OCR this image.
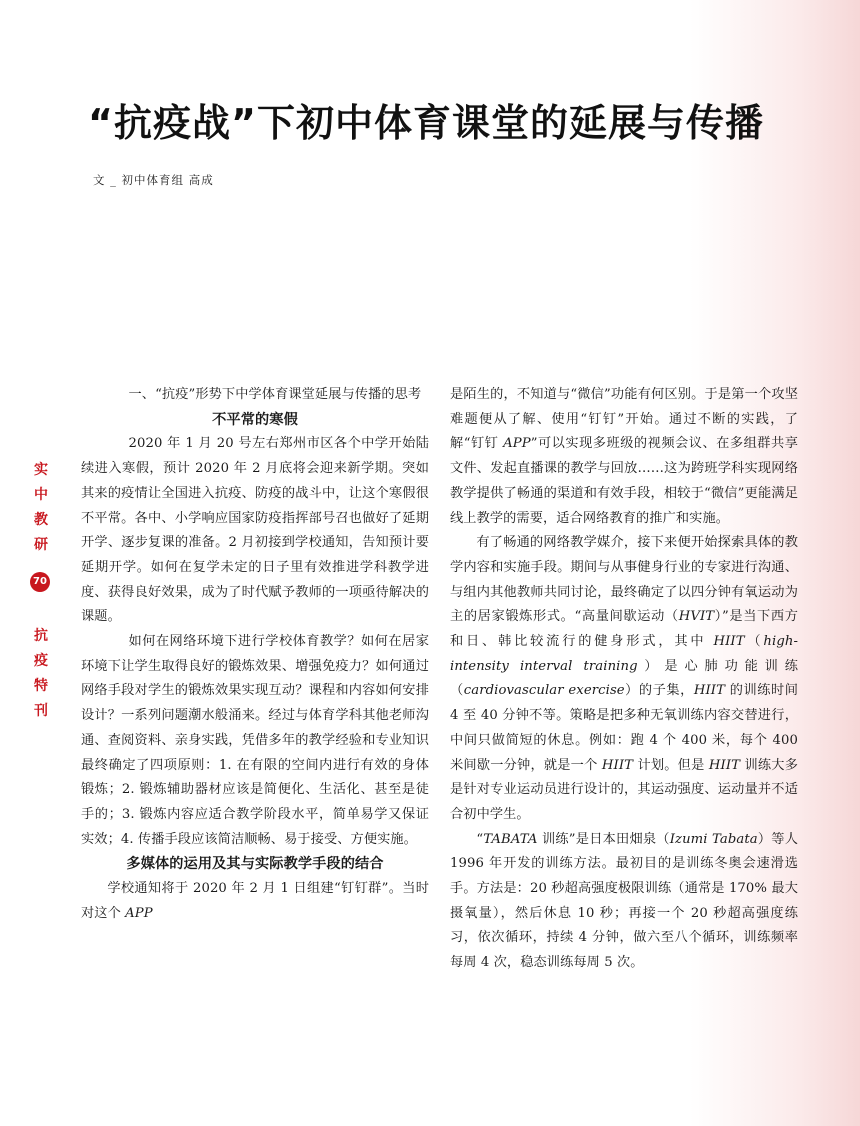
“抗疫战”下初中体育课堂的延展与传播
文 _ 初中体育组 高成
实
中
教
研
70
抗
疫
特
刊

一、“抗疫”形势下中学体育课堂延展与传播的思考

不平常的寒假

2020 年 1 月 20 号左右郑州市区各个中学开始陆续进入寒假，预计 2020 年 2 月底将会迎来新学期。突如其来的疫情让全国进入抗疫、防疫的战斗中，让这个寒假很不平常。各中、小学响应国家防疫指挥部号召也做好了延期开学、逐步复课的准备。2 月初接到学校通知，告知预计要延期开学。如何在复学未定的日子里有效推进学科教学进度、获得良好效果，成为了时代赋予教师的一项亟待解决的课题。

如何在网络环境下进行学校体育教学？如何在居家环境下让学生取得良好的锻炼效果、增强免疫力？如何通过网络手段对学生的锻炼效果实现互动？课程和内容如何安排设计？一系列问题潮水般涌来。经过与体育学科其他老师沟通、查阅资料、亲身实践，凭借多年的教学经验和专业知识最终确定了四项原则：1. 在有限的空间内进行有效的身体锻炼；2. 锻炼辅助器材应该是简便化、生活化、甚至是徒手的；3. 锻炼内容应适合教学阶段水平，简单易学又保证实效；4. 传播手段应该简洁顺畅、易于接受、方便实施。

多媒体的运用及其与实际教学手段的结合

学校通知将于 2020 年 2 月 1 日组建“钉钉群”。当时对这个 APP

是陌生的，不知道与“微信”功能有何区别。于是第一个攻坚难题便从了解、使用“钉钉”开始。通过不断的实践，了解“钉钉 APP”可以实现多班级的视频会议、在多组群共享文件、发起直播课的教学与回放……这为跨班学科实现网络教学提供了畅通的渠道和有效手段，相较于“微信”更能满足线上教学的需要，适合网络教育的推广和实施。

有了畅通的网络教学媒介，接下来便开始探索具体的教学内容和实施手段。期间与从事健身行业的专家进行沟通、与组内其他教师共同讨论，最终确定了以四分钟有氧运动为主的居家锻炼形式。“高量间歇运动（HVIT）”是当下西方和日、韩比较流行的健身形式，其中 HIIT（high-intensity interval training）是心肺功能训练（cardiovascular exercise）的子集，HIIT 的训练时间 4 至 40 分钟不等。策略是把多种无氧训练内容交替进行，中间只做简短的休息。例如：跑 4 个 400 米，每个 400 米间歇一分钟，就是一个 HIIT 计划。但是 HIIT 训练大多是针对专业运动员进行设计的，其运动强度、运动量并不适合初中学生。

“TABATA 训练”是日本田畑泉（Izumi Tabata）等人 1996 年开发的训练方法。最初目的是训练冬奥会速滑选手。方法是：20 秒超高强度极限训练（通常是 170% 最大摄氧量），然后休息 10 秒；再接一个 20 秒超高强度练习，依次循环，持续 4 分钟，做六至八个循环，训练频率每周 4 次，稳态训练每周 5 次。
